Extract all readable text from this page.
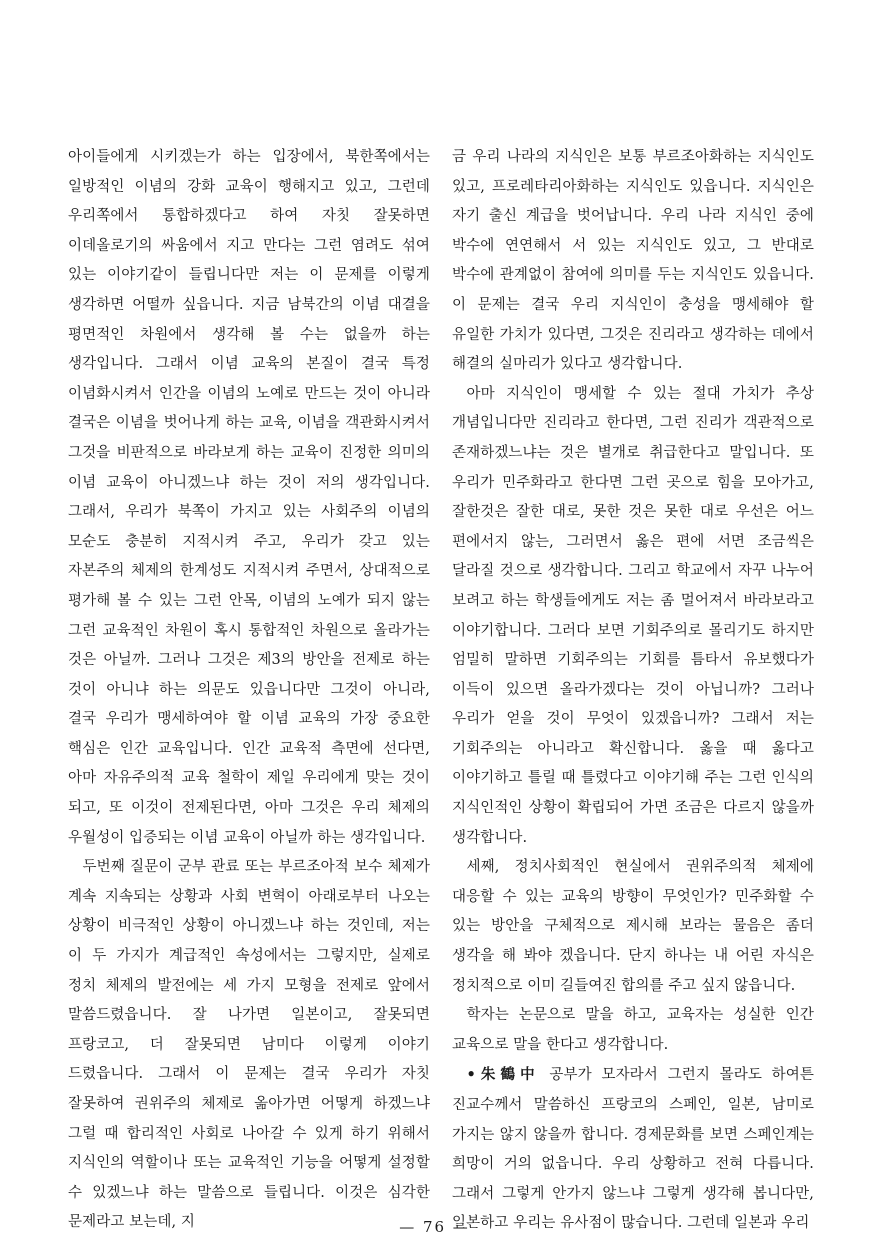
아이들에게 시키겠는가 하는 입장에서, 북한쪽에서는 일방적인 이념의 강화 교육이 행해지고 있고, 그런데 우리쪽에서 통합하겠다고 하여 자칫 잘못하면 이데올로기의 싸움에서 지고 만다는 그런 염려도 섞여 있는 이야기같이 들립니다만 저는 이 문제를 이렇게 생각하면 어떨까 싶읍니다. 지금 남북간의 이념 대결을 평면적인 차원에서 생각해 볼 수는 없을까 하는 생각입니다. 그래서 이념 교육의 본질이 결국 특정 이념화시켜서 인간을 이념의 노예로 만드는 것이 아니라 결국은 이념을 벗어나게 하는 교육, 이념을 객관화시켜서 그것을 비판적으로 바라보게 하는 교육이 진정한 의미의 이념 교육이 아니겠느냐 하는 것이 저의 생각입니다. 그래서, 우리가 북쪽이 가지고 있는 사회주의 이념의 모순도 충분히 지적시켜 주고, 우리가 갖고 있는 자본주의 체제의 한계성도 지적시켜 주면서, 상대적으로 평가해 볼 수 있는 그런 안목, 이념의 노예가 되지 않는 그런 교육적인 차원이 혹시 통합적인 차원으로 올라가는 것은 아닐까. 그러나 그것은 제3의 방안을 전제로 하는 것이 아니냐 하는 의문도 있읍니다만 그것이 아니라, 결국 우리가 맹세하여야 할 이념 교육의 가장 중요한 핵심은 인간 교육입니다. 인간 교육적 측면에 선다면, 아마 자유주의적 교육 철학이 제일 우리에게 맞는 것이 되고, 또 이것이 전제된다면, 아마 그것은 우리 체제의 우월성이 입증되는 이념 교육이 아닐까 하는 생각입니다.

두번째 질문이 군부 관료 또는 부르조아적 보수 체제가 계속 지속되는 상황과 사회 변혁이 아래로부터 나오는 상황이 비극적인 상황이 아니겠느냐 하는 것인데, 저는 이 두 가지가 계급적인 속성에서는 그렇지만, 실제로 정치 체제의 발전에는 세 가지 모형을 전제로 앞에서 말씀드렸읍니다. 잘 나가면 일본이고, 잘못되면 프랑코고, 더 잘못되면 남미다 이렇게 이야기 드렸읍니다. 그래서 이 문제는 결국 우리가 자칫 잘못하여 권위주의 체제로 옮아가면 어떻게 하겠느냐 그럴 때 합리적인 사회로 나아갈 수 있게 하기 위해서 지식인의 역할이나 또는 교육적인 기능을 어떻게 설정할 수 있겠느냐 하는 말씀으로 들립니다. 이것은 심각한 문제라고 보는데, 지

금 우리 나라의 지식인은 보통 부르조아화하는 지식인도 있고, 프로레타리아화하는 지식인도 있읍니다. 지식인은 자기 출신 계급을 벗어납니다. 우리 나라 지식인 중에 박수에 연연해서 서 있는 지식인도 있고, 그 반대로 박수에 관계없이 참여에 의미를 두는 지식인도 있읍니다. 이 문제는 결국 우리 지식인이 충성을 맹세해야 할 유일한 가치가 있다면, 그것은 진리라고 생각하는 데에서 해결의 실마리가 있다고 생각합니다.

아마 지식인이 맹세할 수 있는 절대 가치가 추상 개념입니다만 진리라고 한다면, 그런 진리가 객관적으로 존재하겠느냐는 것은 별개로 취급한다고 말입니다. 또 우리가 민주화라고 한다면 그런 곳으로 힘을 모아가고, 잘한것은 잘한 대로, 못한 것은 못한 대로 우선은 어느 편에서지 않는, 그러면서 옳은 편에 서면 조금씩은 달라질 것으로 생각합니다. 그리고 학교에서 자꾸 나누어 보려고 하는 학생들에게도 저는 좀 멀어져서 바라보라고 이야기합니다. 그러다 보면 기회주의로 몰리기도 하지만 엄밀히 말하면 기회주의는 기회를 틈타서 유보했다가 이득이 있으면 올라가겠다는 것이 아닙니까? 그러나 우리가 얻을 것이 무엇이 있겠읍니까? 그래서 저는 기회주의는 아니라고 확신합니다. 옳을 때 옳다고 이야기하고 틀릴 때 틀렸다고 이야기해 주는 그런 인식의 지식인적인 상황이 확립되어 가면 조금은 다르지 않을까 생각합니다.

세째, 정치사회적인 현실에서 권위주의적 체제에 대응할 수 있는 교육의 방향이 무엇인가? 민주화할 수 있는 방안을 구체적으로 제시해 보라는 물음은 좀더 생각을 해 봐야 겠읍니다. 단지 하나는 내 어린 자식은 정치적으로 이미 길들여진 합의를 주고 싶지 않읍니다.

학자는 논문으로 말을 하고, 교육자는 성실한 인간 교육으로 말을 한다고 생각합니다.

•朱鶴中 공부가 모자라서 그런지 몰라도 하여튼 진교수께서 말씀하신 프랑코의 스페인, 일본, 남미로 가지는 않지 않을까 합니다. 경제문화를 보면 스페인계는 희망이 거의 없읍니다. 우리 상황하고 전혀 다릅니다. 그래서 그렇게 안가지 않느냐 그렇게 생각해 봅니다만, 일본하고 우리는 유사점이 많습니다. 그런데 일본과 우리

— 76 —
